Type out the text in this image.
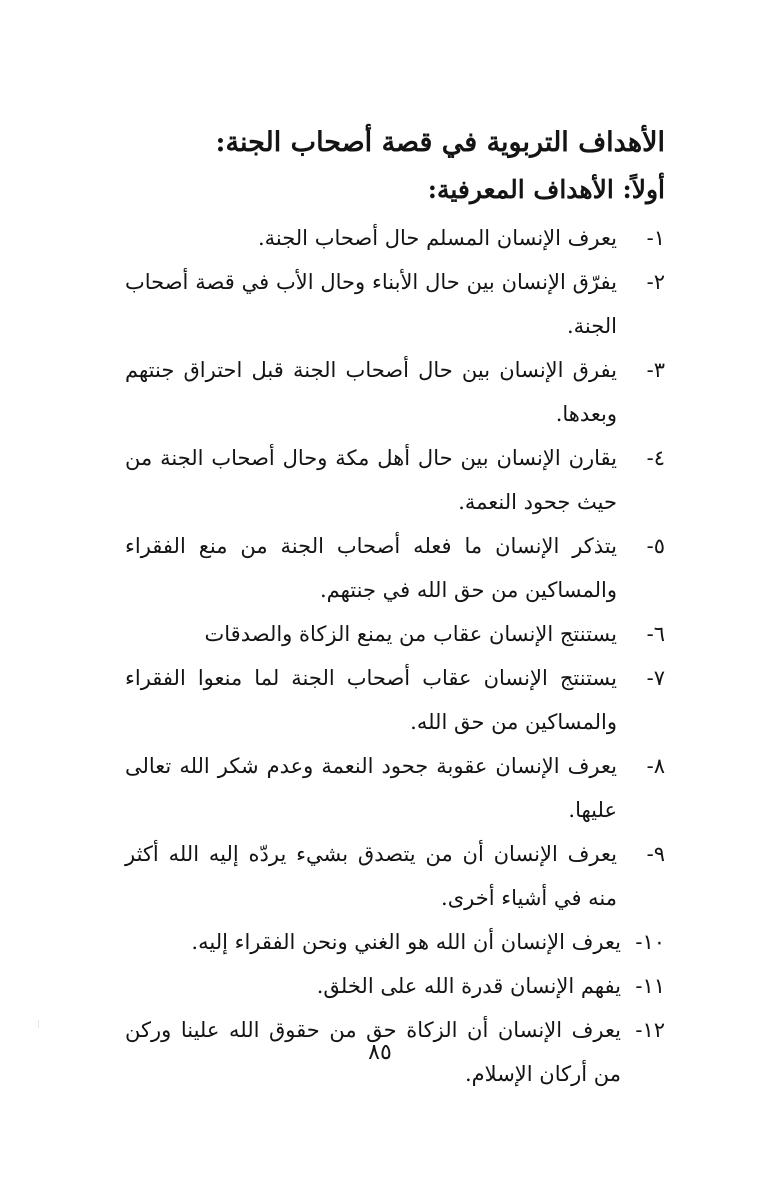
الأهداف التربوية في قصة أصحاب الجنة:
أولاً: الأهداف المعرفية:
١-
يعرف الإنسان المسلم حال أصحاب الجنة.
٢-
يفرّق الإنسان بين حال الأبناء وحال الأب في قصة أصحاب الجنة.
٣-
يفرق الإنسان بين حال أصحاب الجنة قبل احتراق جنتهم وبعدها.
٤-
يقارن الإنسان بين حال أهل مكة وحال أصحاب الجنة من حيث جحود النعمة.
٥-
يتذكر الإنسان ما فعله أصحاب الجنة من منع الفقراء والمساكين من حق الله في جنتهم.
٦-
يستنتج الإنسان عقاب من يمنع الزكاة والصدقات
٧-
يستنتج الإنسان عقاب أصحاب الجنة لما منعوا الفقراء والمساكين من حق الله.
٨-
يعرف الإنسان عقوبة جحود النعمة وعدم شكر الله تعالى عليها.
٩-
يعرف الإنسان أن من يتصدق بشيء يردّه إليه الله أكثر منه في أشياء أخرى.
١٠-
يعرف الإنسان أن الله هو الغني ونحن الفقراء إليه.
١١-
يفهم الإنسان قدرة الله على الخلق.
١٢-
يعرف الإنسان أن الزكاة حق من حقوق الله علينا وركن من أركان الإسلام.
٨٥
